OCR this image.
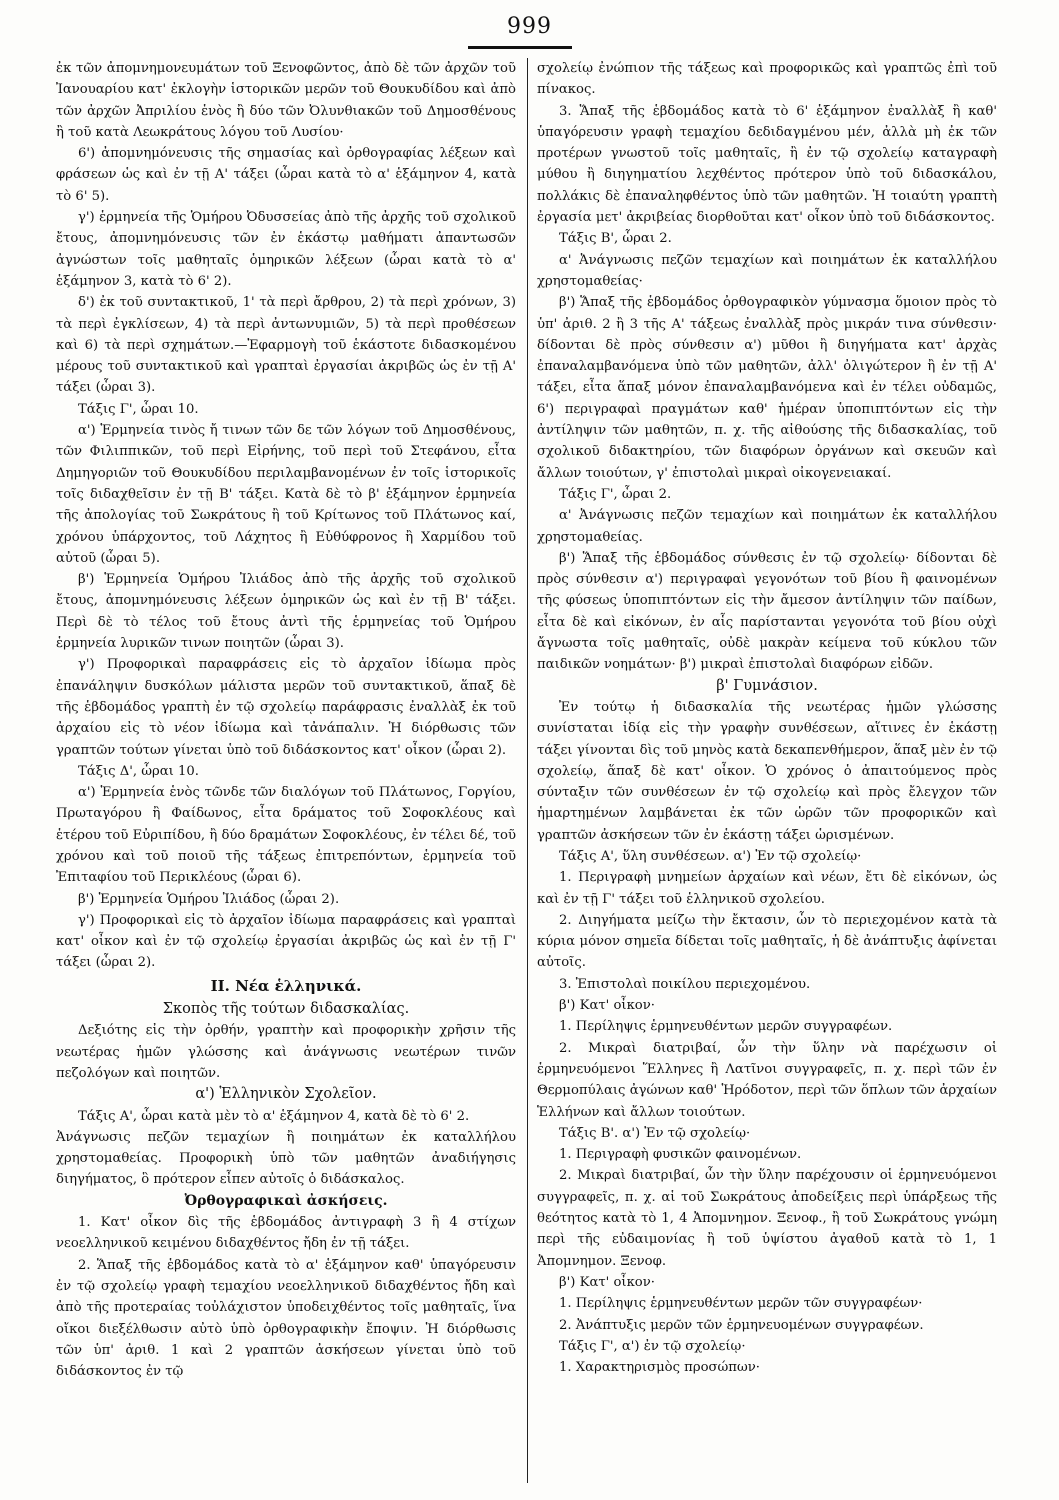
999

ἐκ τῶν ἀπομνημονευμάτων τοῦ Ξενοφῶντος, ἀπὸ δὲ τῶν ἀρχῶν τοῦ Ἰανουαρίου κατ' ἐκλογὴν ἱστορικῶν μερῶν τοῦ Θουκυδίδου καὶ ἀπὸ τῶν ἀρχῶν Ἀπριλίου ἑνὸς ἢ δύο τῶν Ὀλυνθιακῶν τοῦ Δημοσθένους ἢ τοῦ κατὰ Λεωκράτους λόγου τοῦ Λυσίου·

6') ἀπομνημόνευσις τῆς σημασίας καὶ ὀρθογραφίας λέξεων καὶ φράσεων ὡς καὶ ἐν τῇ Α' τάξει (ὧραι κατὰ τὸ α' ἑξάμηνον 4, κατὰ τὸ 6' 5).

γ') ἑρμηνεία τῆς Ὁμήρου Ὀδυσσείας ἀπὸ τῆς ἀρχῆς τοῦ σχολικοῦ ἔτους, ἀπομνημόνευσις τῶν ἐν ἑκάστῳ μαθήματι ἀπαντωσῶν ἀγνώστων τοῖς μαθηταῖς ὁμηρικῶν λέξεων (ὧραι κατὰ τὸ α' ἑξάμηνον 3, κατὰ τὸ 6' 2).

δ') ἐκ τοῦ συντακτικοῦ, 1' τὰ περὶ ἄρθρου, 2) τὰ περὶ χρόνων, 3) τὰ περὶ ἐγκλίσεων, 4) τὰ περὶ ἀντωνυμιῶν, 5) τὰ περὶ προθέσεων καὶ 6) τὰ περὶ σχημάτων.—Ἐφαρμογὴ τοῦ ἑκάστοτε διδασκομένου μέρους τοῦ συντακτικοῦ καὶ γραπταὶ ἐργασίαι ἀκριβῶς ὡς ἐν τῇ Α' τάξει (ὧραι 3).

Τάξις Γ', ὧραι 10.

α') Ἑρμηνεία τινὸς ἤ τινων τῶν δε τῶν λόγων τοῦ Δημοσθένους, τῶν Φιλιππικῶν, τοῦ περὶ Εἰρήνης, τοῦ περὶ τοῦ Στεφάνου, εἶτα Δημηγοριῶν τοῦ Θουκυδίδου περιλαμβανομένων ἐν τοῖς ἱστορικοῖς τοῖς διδαχθεῖσιν ἐν τῇ Β' τάξει. Κατὰ δὲ τὸ β' ἑξάμηνον ἑρμηνεία τῆς ἀπολογίας τοῦ Σωκράτους ἢ τοῦ Κρίτωνος τοῦ Πλάτωνος καί, χρόνου ὑπάρχοντος, τοῦ Λάχητος ἢ Εὐθύφρονος ἢ Χαρμίδου τοῦ αὐτοῦ (ὧραι 5).

β') Ἑρμηνεία Ὁμήρου Ἰλιάδος ἀπὸ τῆς ἀρχῆς τοῦ σχολικοῦ ἔτους, ἀπομνημόνευσις λέξεων ὁμηρικῶν ὡς καὶ ἐν τῇ Β' τάξει. Περὶ δὲ τὸ τέλος τοῦ ἔτους ἀντὶ τῆς ἑρμηνείας τοῦ Ὁμήρου ἑρμηνεία λυρικῶν τινων ποιητῶν (ὧραι 3).

γ') Προφορικαὶ παραφράσεις εἰς τὸ ἀρχαῖον ἰδίωμα πρὸς ἐπανάληψιν δυσκόλων μάλιστα μερῶν τοῦ συντακτικοῦ, ἅπαξ δὲ τῆς ἑβδομάδος γραπτὴ ἐν τῷ σχολείῳ παράφρασις ἐναλλὰξ ἐκ τοῦ ἀρχαίου εἰς τὸ νέον ἰδίωμα καὶ τἀνάπαλιν. Ἡ διόρθωσις τῶν γραπτῶν τούτων γίνεται ὑπὸ τοῦ διδάσκοντος κατ' οἶκον (ὧραι 2).

Τάξις Δ', ὧραι 10.

α') Ἑρμηνεία ἑνὸς τῶνδε τῶν διαλόγων τοῦ Πλάτωνος, Γοργίου, Πρωταγόρου ἢ Φαίδωνος, εἶτα δράματος τοῦ Σοφοκλέους καὶ ἑτέρου τοῦ Εὐριπίδου, ἢ δύο δραμάτων Σοφοκλέους, ἐν τέλει δέ, τοῦ χρόνου καὶ τοῦ ποιοῦ τῆς τάξεως ἐπιτρεπόντων, ἑρμηνεία τοῦ Ἐπιταφίου τοῦ Περικλέους (ὧραι 6).

β') Ἑρμηνεία Ὁμήρου Ἰλιάδος (ὧραι 2).

γ') Προφορικαὶ εἰς τὸ ἀρχαῖον ἰδίωμα παραφράσεις καὶ γραπταὶ κατ' οἶκον καὶ ἐν τῷ σχολείῳ ἐργασίαι ἀκριβῶς ὡς καὶ ἐν τῇ Γ' τάξει (ὧραι 2).

II. Νέα ἑλληνικά.

Σκοπὸς τῆς τούτων διδασκαλίας.

Δεξιότης εἰς τὴν ὀρθήν, γραπτὴν καὶ προφορικὴν χρῆσιν τῆς νεωτέρας ἡμῶν γλώσσης καὶ ἀνάγνωσις νεωτέρων τινῶν πεζολόγων καὶ ποιητῶν.

α') Ἑλληνικὸν Σχολεῖον.

Τάξις Α', ὧραι κατὰ μὲν τὸ α' ἑξάμηνον 4, κατὰ δὲ τὸ 6' 2.

Ἀνάγνωσις πεζῶν τεμαχίων ἢ ποιημάτων ἐκ καταλλήλου χρηστομαθείας. Προφορικὴ ὑπὸ τῶν μαθητῶν ἀναδιήγησις διηγήματος, ὃ πρότερον εἶπεν αὐτοῖς ὁ διδάσκαλος.

Ὀρθογραφικαὶ ἀσκήσεις.

1. Κατ' οἶκον δὶς τῆς ἑβδομάδος ἀντιγραφὴ 3 ἢ 4 στίχων νεοελληνικοῦ κειμένου διδαχθέντος ἤδη ἐν τῇ τάξει.

2. Ἅπαξ τῆς ἑβδομάδος κατὰ τὸ α' ἑξάμηνον καθ' ὑπαγόρευσιν ἐν τῷ σχολείῳ γραφὴ τεμαχίου νεοελληνικοῦ διδαχθέντος ἤδη καὶ ἀπὸ τῆς προτεραίας τοὐλάχιστον ὑποδειχθέντος τοῖς μαθηταῖς, ἵνα οἴκοι διεξέλθωσιν αὐτὸ ὑπὸ ὀρθογραφικὴν ἔποψιν. Ἡ διόρθωσις τῶν ὑπ' ἀριθ. 1 καὶ 2 γραπτῶν ἀσκήσεων γίνεται ὑπὸ τοῦ διδάσκοντος ἐν τῷ

σχολείῳ ἐνώπιον τῆς τάξεως καὶ προφορικῶς καὶ γραπτῶς ἐπὶ τοῦ πίνακος.

3. Ἅπαξ τῆς ἑβδομάδος κατὰ τὸ 6' ἑξάμηνον ἐναλλὰξ ἢ καθ' ὑπαγόρευσιν γραφὴ τεμαχίου δεδιδαγμένου μέν, ἀλλὰ μὴ ἐκ τῶν προτέρων γνωστοῦ τοῖς μαθηταῖς, ἢ ἐν τῷ σχολείῳ καταγραφὴ μύθου ἢ διηγηματίου λεχθέντος πρότερον ὑπὸ τοῦ διδασκάλου, πολλάκις δὲ ἐπαναληφθέντος ὑπὸ τῶν μαθητῶν. Ἡ τοιαύτη γραπτὴ ἐργασία μετ' ἀκριβείας διορθοῦται κατ' οἶκον ὑπὸ τοῦ διδάσκοντος.

Τάξις Β', ὧραι 2.

α' Ἀνάγνωσις πεζῶν τεμαχίων καὶ ποιημάτων ἐκ καταλλήλου χρηστομαθείας·

β') Ἅπαξ τῆς ἑβδομάδος ὀρθογραφικὸν γύμνασμα ὅμοιον πρὸς τὸ ὑπ' ἀριθ. 2 ἢ 3 τῆς Α' τάξεως ἐναλλὰξ πρὸς μικράν τινα σύνθεσιν· δίδονται δὲ πρὸς σύνθεσιν α') μῦθοι ἢ διηγήματα κατ' ἀρχὰς ἐπαναλαμβανόμενα ὑπὸ τῶν μαθητῶν, ἀλλ' ὀλιγώτερον ἢ ἐν τῇ Α' τάξει, εἶτα ἅπαξ μόνον ἐπαναλαμβανόμενα καὶ ἐν τέλει οὐδαμῶς, 6') περιγραφαὶ πραγμάτων καθ' ἡμέραν ὑποπιπτόντων εἰς τὴν ἀντίληψιν τῶν μαθητῶν, π. χ. τῆς αἰθούσης τῆς διδασκαλίας, τοῦ σχολικοῦ διδακτηρίου, τῶν διαφόρων ὀργάνων καὶ σκευῶν καὶ ἄλλων τοιούτων, γ' ἐπιστολαὶ μικραὶ οἰκογενειακαί.

Τάξις Γ', ὧραι 2.

α' Ἀνάγνωσις πεζῶν τεμαχίων καὶ ποιημάτων ἐκ καταλλήλου χρηστομαθείας.

β') Ἅπαξ τῆς ἑβδομάδος σύνθεσις ἐν τῷ σχολείῳ· δίδονται δὲ πρὸς σύνθεσιν α') περιγραφαὶ γεγονότων τοῦ βίου ἢ φαινομένων τῆς φύσεως ὑποπιπτόντων εἰς τὴν ἄμεσον ἀντίληψιν τῶν παίδων, εἶτα δὲ καὶ εἰκόνων, ἐν αἷς παρίστανται γεγονότα τοῦ βίου οὐχὶ ἄγνωστα τοῖς μαθηταῖς, οὐδὲ μακρὰν κείμενα τοῦ κύκλου τῶν παιδικῶν νοημάτων· β') μικραὶ ἐπιστολαὶ διαφόρων εἰδῶν.

β' Γυμνάσιον.

Ἐν τούτῳ ἡ διδασκαλία τῆς νεωτέρας ἡμῶν γλώσσης συνίσταται ἰδίᾳ εἰς τὴν γραφὴν συνθέσεων, αἵτινες ἐν ἑκάστῃ τάξει γίνονται δὶς τοῦ μηνὸς κατὰ δεκαπενθήμερον, ἅπαξ μὲν ἐν τῷ σχολείῳ, ἅπαξ δὲ κατ' οἶκον. Ὁ χρόνος ὁ ἀπαιτούμενος πρὸς σύνταξιν τῶν συνθέσεων ἐν τῷ σχολείῳ καὶ πρὸς ἔλεγχον τῶν ἡμαρτημένων λαμβάνεται ἐκ τῶν ὡρῶν τῶν προφορικῶν καὶ γραπτῶν ἀσκήσεων τῶν ἐν ἑκάστῃ τάξει ὡρισμένων.

Τάξις Α', ὕλη συνθέσεων. α') Ἐν τῷ σχολείῳ·

1. Περιγραφὴ μνημείων ἀρχαίων καὶ νέων, ἔτι δὲ εἰκόνων, ὡς καὶ ἐν τῇ Γ' τάξει τοῦ ἑλληνικοῦ σχολείου.

2. Διηγήματα μείζω τὴν ἔκτασιν, ὧν τὸ περιεχομένον κατὰ τὰ κύρια μόνον σημεῖα δίδεται τοῖς μαθηταῖς, ἡ δὲ ἀνάπτυξις ἀφίνεται αὐτοῖς.

3. Ἐπιστολαὶ ποικίλου περιεχομένου.

β') Κατ' οἶκον·

1. Περίληψις ἑρμηνευθέντων μερῶν συγγραφέων.

2. Μικραὶ διατριβαί, ὧν τὴν ὕλην νὰ παρέχωσιν οἱ ἑρμηνευόμενοι Ἕλληνες ἢ Λατῖνοι συγγραφεῖς, π. χ. περὶ τῶν ἐν Θερμοπύλαις ἀγώνων καθ' Ἡρόδοτον, περὶ τῶν ὅπλων τῶν ἀρχαίων Ἑλλήνων καὶ ἄλλων τοιούτων.

Τάξις Β'. α') Ἐν τῷ σχολείῳ·

1. Περιγραφὴ φυσικῶν φαινομένων.

2. Μικραὶ διατριβαί, ὧν τὴν ὕλην παρέχουσιν οἱ ἑρμηνευόμενοι συγγραφεῖς, π. χ. αἱ τοῦ Σωκράτους ἀποδείξεις περὶ ὑπάρξεως τῆς θεότητος κατὰ τὸ 1, 4 Ἀπομνημον. Ξενοφ., ἢ τοῦ Σωκράτους γνώμη περὶ τῆς εὐδαιμονίας ἢ τοῦ ὑψίστου ἀγαθοῦ κατὰ τὸ 1, 1 Ἀπομνημον. Ξενοφ.

β') Κατ' οἶκον·

1. Περίληψις ἑρμηνευθέντων μερῶν τῶν συγγραφέων·

2. Ἀνάπτυξις μερῶν τῶν ἑρμηνευομένων συγγραφέων.

Τάξις Γ', α') ἐν τῷ σχολείῳ·

1. Χαρακτηρισμὸς προσώπων·
